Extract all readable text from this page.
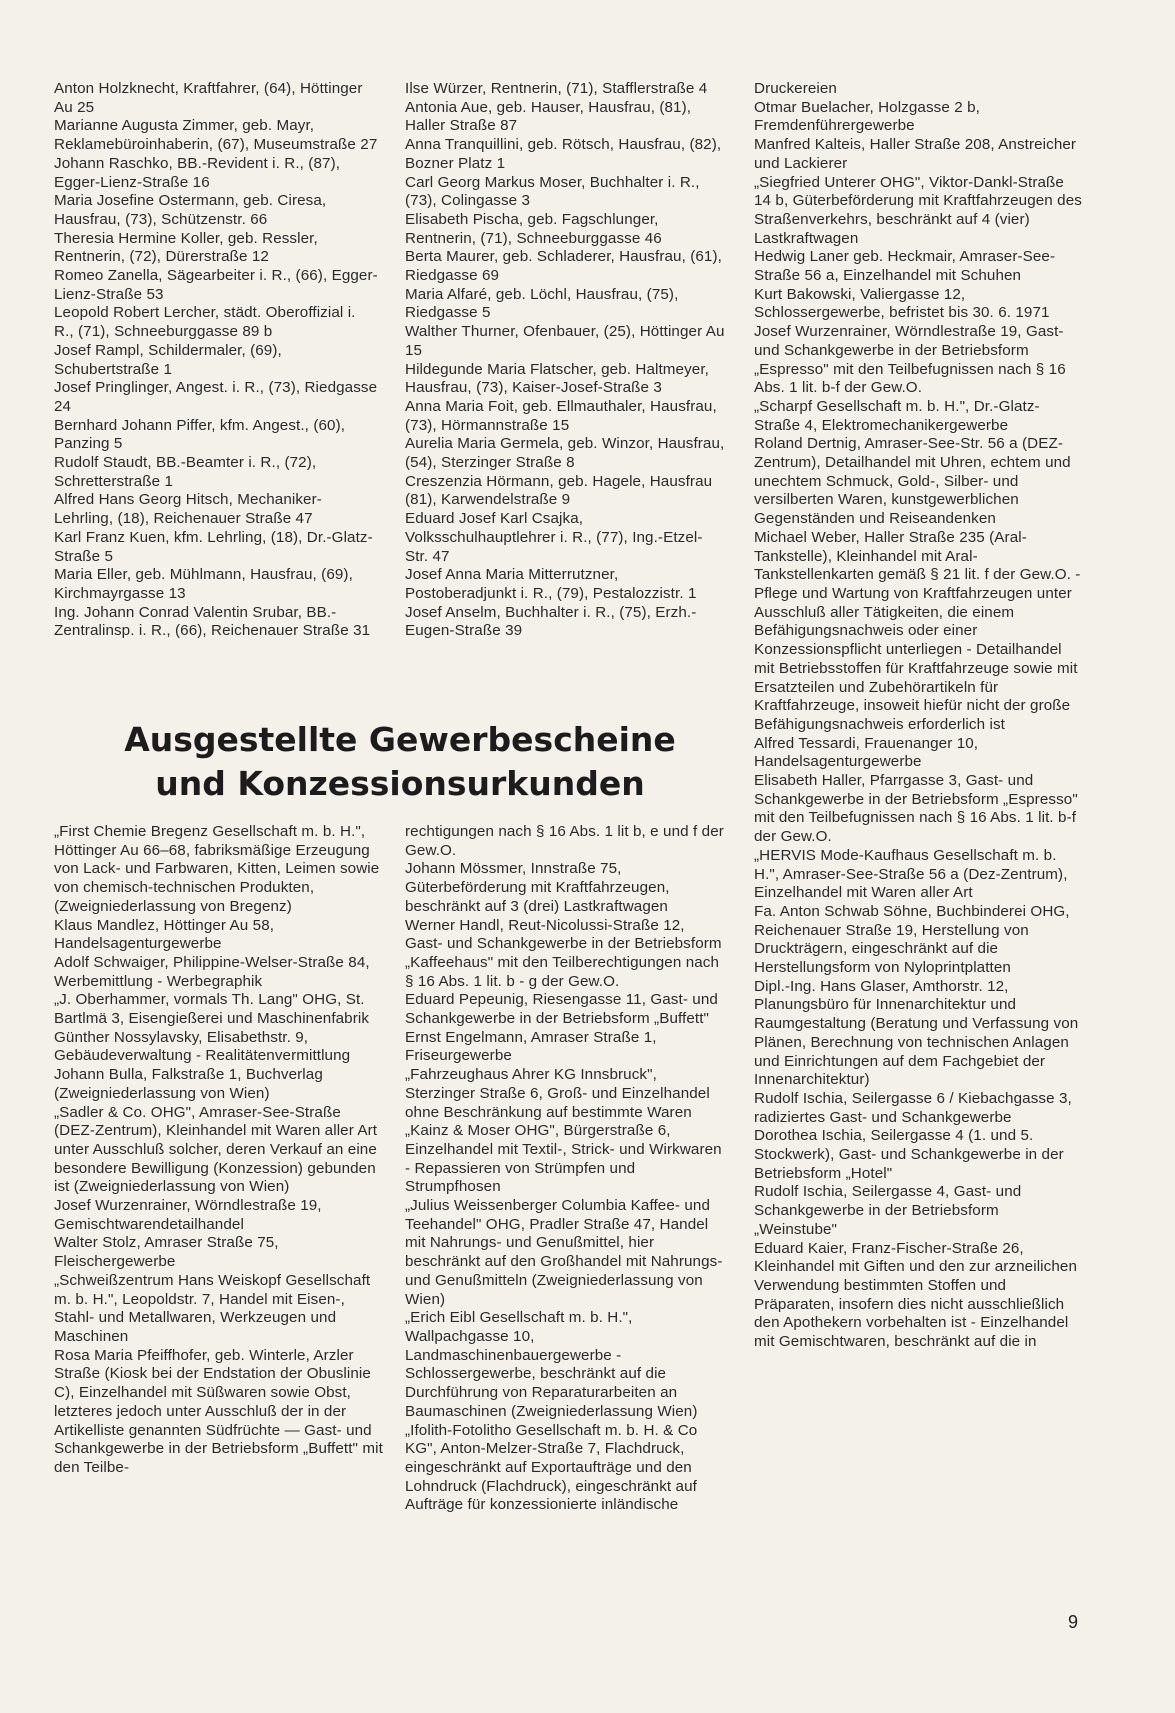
Anton Holzknecht, Kraftfahrer, (64), Höttinger Au 25
Marianne Augusta Zimmer, geb. Mayr, Reklamebüroinhaberin, (67), Museumstraße 27
Johann Raschko, BB.-Revident i. R., (87), Egger-Lienz-Straße 16
Maria Josefine Ostermann, geb. Ciresa, Hausfrau, (73), Schützenstr. 66
Theresia Hermine Koller, geb. Ressler, Rentnerin, (72), Dürerstraße 12
Romeo Zanella, Sägearbeiter i. R., (66), Egger-Lienz-Straße 53
Leopold Robert Lercher, städt. Oberoffizial i. R., (71), Schneeburggasse 89 b
Josef Rampl, Schildermaler, (69), Schubertstraße 1
Josef Pringlinger, Angest. i. R., (73), Riedgasse 24
Bernhard Johann Piffer, kfm. Angest., (60), Panzing 5
Rudolf Staudt, BB.-Beamter i. R., (72), Schretterstraße 1
Alfred Hans Georg Hitsch, Mechaniker-Lehrling, (18), Reichenauer Straße 47
Karl Franz Kuen, kfm. Lehrling, (18), Dr.-Glatz-Straße 5
Maria Eller, geb. Mühlmann, Hausfrau, (69), Kirchmayrgasse 13
Ing. Johann Conrad Valentin Srubar, BB.-Zentralinsp. i. R., (66), Reichenauer Straße 31
Ilse Würzer, Rentnerin, (71), Stafflerstraße 4
Antonia Aue, geb. Hauser, Hausfrau, (81), Haller Straße 87
Anna Tranquillini, geb. Rötsch, Hausfrau, (82), Bozner Platz 1
Carl Georg Markus Moser, Buchhalter i. R., (73), Colingasse 3
Elisabeth Pischa, geb. Fagschlunger, Rentnerin, (71), Schneeburggasse 46
Berta Maurer, geb. Schladerer, Hausfrau, (61), Riedgasse 69
Maria Alfaré, geb. Löchl, Hausfrau, (75), Riedgasse 5
Walther Thurner, Ofenbauer, (25), Höttinger Au 15
Hildegunde Maria Flatscher, geb. Haltmeyer, Hausfrau, (73), Kaiser-Josef-Straße 3
Anna Maria Foit, geb. Ellmauthaler, Hausfrau, (73), Hörmannstraße 15
Aurelia Maria Germela, geb. Winzor, Hausfrau, (54), Sterzinger Straße 8
Creszenzia Hörmann, geb. Hagele, Hausfrau (81), Karwendelstraße 9
Eduard Josef Karl Csajka, Volksschulhauptlehrer i. R., (77), Ing.-Etzel-Str. 47
Josef Anna Maria Mitterrutzner, Postoberadjunkt i. R., (79), Pestalozzistr. 1
Josef Anselm, Buchhalter i. R., (75), Erzh.-Eugen-Straße 39
Ausgestellte Gewerbescheine
und Konzessionsurkunden
„First Chemie Bregenz Gesellschaft m. b. H.", Höttinger Au 66–68, fabriksmäßige Erzeugung von Lack- und Farbwaren, Kitten, Leimen sowie von chemisch-technischen Produkten, (Zweigniederlassung von Bregenz)
Klaus Mandlez, Höttinger Au 58, Handelsagenturgewerbe
Adolf Schwaiger, Philippine-Welser-Straße 84, Werbemittlung - Werbegraphik
„J. Oberhammer, vormals Th. Lang" OHG, St. Bartlmä 3, Eisengießerei und Maschinenfabrik
Günther Nossylavsky, Elisabethstr. 9, Gebäudeverwaltung - Realitätenvermittlung
Johann Bulla, Falkstraße 1, Buchverlag (Zweigniederlassung von Wien)
„Sadler & Co. OHG", Amraser-See-Straße (DEZ-Zentrum), Kleinhandel mit Waren aller Art unter Ausschluß solcher, deren Verkauf an eine besondere Bewilligung (Konzession) gebunden ist (Zweigniederlassung von Wien)
Josef Wurzenrainer, Wörndlestraße 19, Gemischtwarendetailhandel
Walter Stolz, Amraser Straße 75, Fleischergewerbe
„Schweißzentrum Hans Weiskopf Gesellschaft m. b. H.", Leopoldstr. 7, Handel mit Eisen-, Stahl- und Metallwaren, Werkzeugen und Maschinen
Rosa Maria Pfeiffhofer, geb. Winterle, Arzler Straße (Kiosk bei der Endstation der Obuslinie C), Einzelhandel mit Süßwaren sowie Obst, letzteres jedoch unter Ausschluß der in der Artikelliste genannten Südfrüchte — Gast- und Schankgewerbe in der Betriebsform „Buffett" mit den Teilbe-
rechtigungen nach § 16 Abs. 1 lit b, e und f der Gew.O.
Johann Mössmer, Innstraße 75, Güterbeförderung mit Kraftfahrzeugen, beschränkt auf 3 (drei) Lastkraftwagen
Werner Handl, Reut-Nicolussi-Straße 12, Gast- und Schankgewerbe in der Betriebsform „Kaffeehaus" mit den Teilberechtigungen nach § 16 Abs. 1 lit. b - g der Gew.O.
Eduard Pepeunig, Riesengasse 11, Gast- und Schankgewerbe in der Betriebsform „Buffett"
Ernst Engelmann, Amraser Straße 1, Friseurgewerbe
„Fahrzeughaus Ahrer KG Innsbruck", Sterzinger Straße 6, Groß- und Einzelhandel ohne Beschränkung auf bestimmte Waren
„Kainz & Moser OHG", Bürgerstraße 6, Einzelhandel mit Textil-, Strick- und Wirkwaren - Repassieren von Strümpfen und Strumpfhosen
„Julius Weissenberger Columbia Kaffee- und Teehandel" OHG, Pradler Straße 47, Handel mit Nahrungs- und Genußmittel, hier beschränkt auf den Großhandel mit Nahrungs- und Genußmitteln (Zweigniederlassung von Wien)
„Erich Eibl Gesellschaft m. b. H.", Wallpachgasse 10, Landmaschinenbauergewerbe - Schlossergewerbe, beschränkt auf die Durchführung von Reparaturarbeiten an Baumaschinen (Zweigniederlassung Wien)
„Ifolith-Fotolitho Gesellschaft m. b. H. & Co KG", Anton-Melzer-Straße 7, Flachdruck, eingeschränkt auf Exportaufträge und den Lohndruck (Flachdruck), eingeschränkt auf Aufträge für konzessionierte inländische
Druckereien
Otmar Buelacher, Holzgasse 2 b, Fremdenführergewerbe
Manfred Kalteis, Haller Straße 208, Anstreicher und Lackierer
„Siegfried Unterer OHG", Viktor-Dankl-Straße 14 b, Güterbeförderung mit Kraftfahrzeugen des Straßenverkehrs, beschränkt auf 4 (vier) Lastkraftwagen
Hedwig Laner geb. Heckmair, Amraser-See-Straße 56 a, Einzelhandel mit Schuhen
Kurt Bakowski, Valiergasse 12, Schlossergewerbe, befristet bis 30. 6. 1971
Josef Wurzenrainer, Wörndlestraße 19, Gast- und Schankgewerbe in der Betriebsform „Espresso" mit den Teilbefugnissen nach § 16 Abs. 1 lit. b-f der Gew.O.
„Scharpf Gesellschaft m. b. H.", Dr.-Glatz-Straße 4, Elektromechanikergewerbe
Roland Dertnig, Amraser-See-Str. 56 a (DEZ-Zentrum), Detailhandel mit Uhren, echtem und unechtem Schmuck, Gold-, Silber- und versilberten Waren, kunstgewerblichen Gegenständen und Reiseandenken
Michael Weber, Haller Straße 235 (Aral-Tankstelle), Kleinhandel mit Aral-Tankstellenkarten gemäß § 21 lit. f der Gew.O. - Pflege und Wartung von Kraftfahrzeugen unter Ausschluß aller Tätigkeiten, die einem Befähigungsnachweis oder einer Konzessionspflicht unterliegen - Detailhandel mit Betriebsstoffen für Kraftfahrzeuge sowie mit Ersatzteilen und Zubehörartikeln für Kraftfahrzeuge, insoweit hiefür nicht der große Befähigungsnachweis erforderlich ist
Alfred Tessardi, Frauenanger 10, Handelsagenturgewerbe
Elisabeth Haller, Pfarrgasse 3, Gast- und Schankgewerbe in der Betriebsform „Espresso" mit den Teilbefugnissen nach § 16 Abs. 1 lit. b-f der Gew.O.
„HERVIS Mode-Kaufhaus Gesellschaft m. b. H.", Amraser-See-Straße 56 a (Dez-Zentrum), Einzelhandel mit Waren aller Art
Fa. Anton Schwab Söhne, Buchbinderei OHG, Reichenauer Straße 19, Herstellung von Druckträgern, eingeschränkt auf die Herstellungsform von Nyloprintplatten
Dipl.-Ing. Hans Glaser, Amthorstr. 12, Planungsbüro für Innenarchitektur und Raumgestaltung (Beratung und Verfassung von Plänen, Berechnung von technischen Anlagen und Einrichtungen auf dem Fachgebiet der Innenarchitektur)
Rudolf Ischia, Seilergasse 6 / Kiebachgasse 3, radiziertes Gast- und Schankgewerbe
Dorothea Ischia, Seilergasse 4 (1. und 5. Stockwerk), Gast- und Schankgewerbe in der Betriebsform „Hotel"
Rudolf Ischia, Seilergasse 4, Gast- und Schankgewerbe in der Betriebsform „Weinstube"
Eduard Kaier, Franz-Fischer-Straße 26, Kleinhandel mit Giften und den zur arzneilichen Verwendung bestimmten Stoffen und Präparaten, insofern dies nicht ausschließlich den Apothekern vorbehalten ist - Einzelhandel mit Gemischtwaren, beschränkt auf die in
9
